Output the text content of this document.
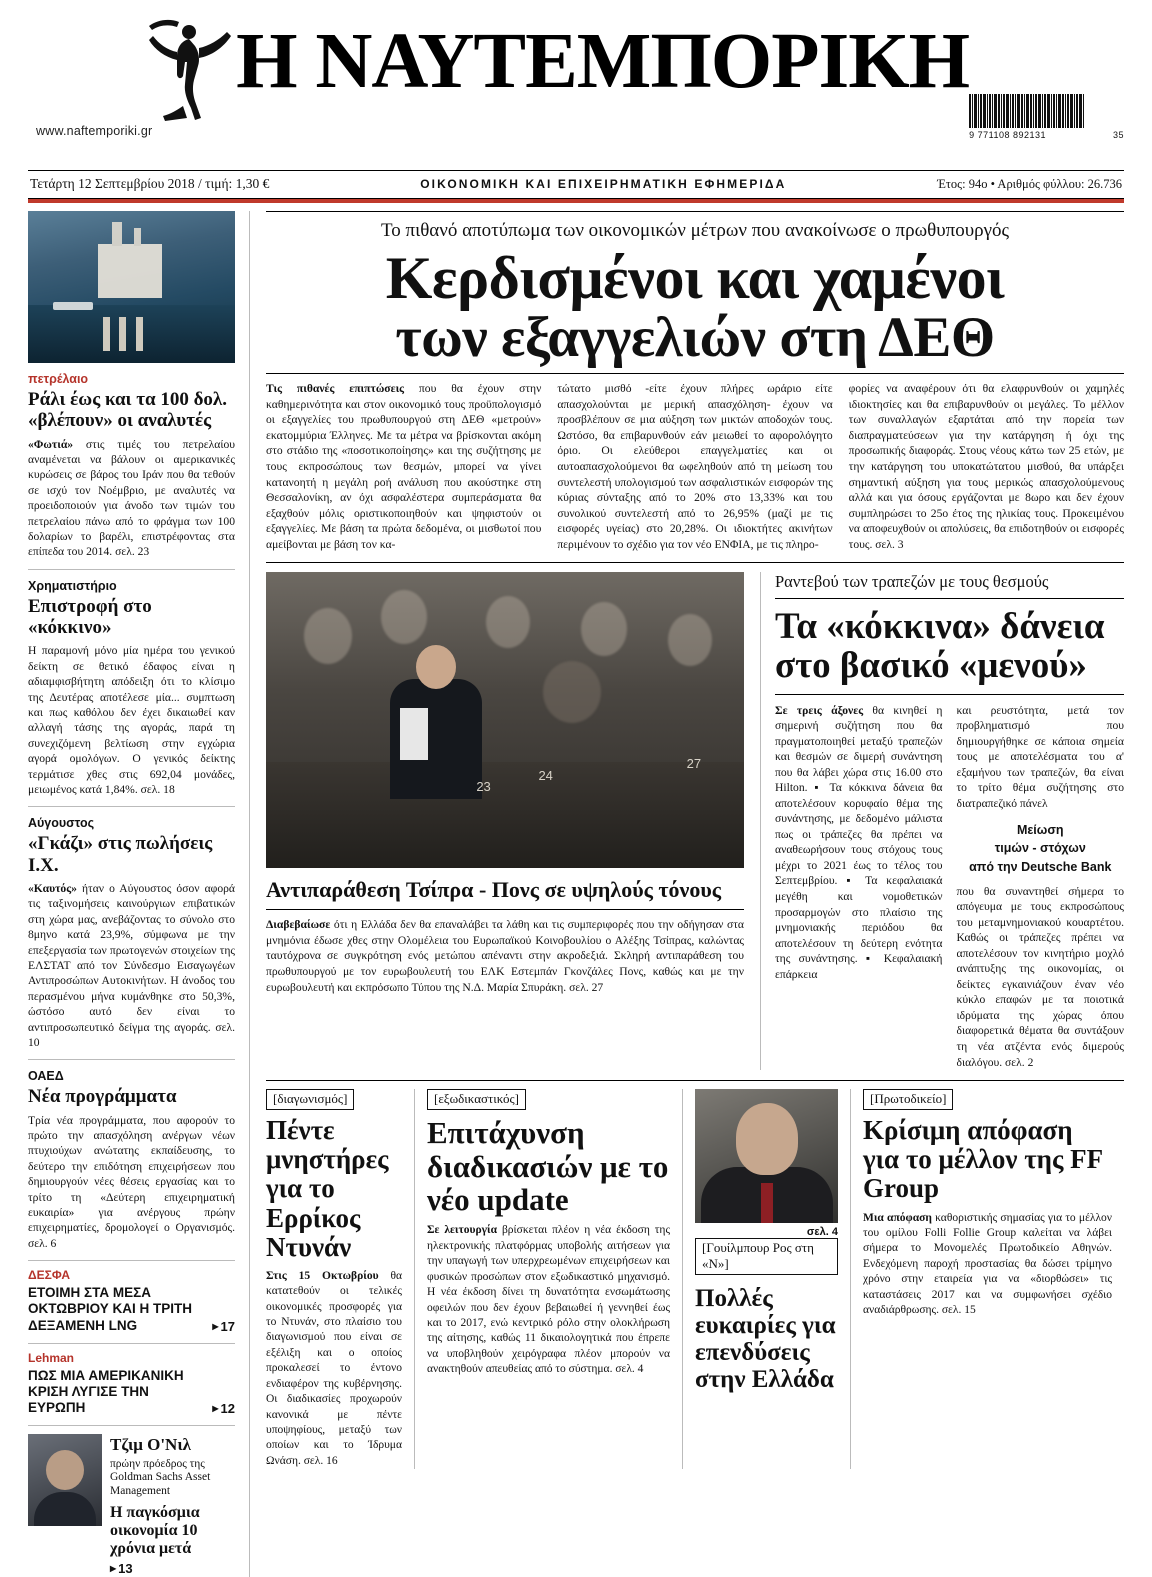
www.naftemporiki.gr
Η ΝΑΥΤΕΜΠΟΡΙΚΗ
9 771108 892131	35
Τετάρτη 12 Σεπτεμβρίου 2018 / τιμή: 1,30 €	ΟΙΚΟΝΟΜΙΚΗ ΚΑΙ ΕΠΙΧΕΙΡΗΜΑΤΙΚΗ ΕΦΗΜΕΡΙΔΑ	Έτος: 94ο • Αριθμός φύλλου: 26.736
πετρέλαιο
Ράλι έως και τα 100 δολ. «βλέπουν» οι αναλυτές

«Φωτιά» στις τιμές του πετρελαίου αναμένεται να βάλουν οι αμερικανικές κυρώσεις σε βάρος του Ιράν που θα τεθούν σε ισχύ τον Νοέμβριο, με αναλυτές να προειδοποιούν για άνοδο των τιμών του πετρελαίου πάνω από το φράγμα των 100 δολαρίων το βαρέλι, επιστρέφοντας στα επίπεδα του 2014. σελ. 23

Χρηματιστήριο
Επιστροφή στο «κόκκινο»

Η παραμονή μόνο μία ημέρα του γενικού δείκτη σε θετικό έδαφος είναι η αδιαμφισβήτητη απόδειξη ότι το κλίσιμο της Δευτέρας αποτέλεσε μία... συμπτωση και πως καθόλου δεν έχει δικαιωθεί καν αλλαγή τάσης της αγοράς, παρά τη συνεχιζόμενη βελτίωση στην εγχώρια αγορά ομολόγων. Ο γενικός δείκτης τερμάτισε χθες στις 692,04 μονάδες, μειωμένος κατά 1,84%. σελ. 18

Αύγουστος
«Γκάζι» στις πωλήσεις Ι.Χ.

«Καυτός» ήταν ο Αύγουστος όσον αφορά τις ταξινομήσεις καινούργιων επιβατικών στη χώρα μας, ανεβάζοντας το σύνολο στο 8μηνο κατά 23,9%, σύμφωνα με την επεξεργασία των πρωτογενών στοιχείων της ΕΛΣΤΑΤ από τον Σύνδεσμο Εισαγωγέων Αντιπροσώπων Αυτοκινήτων. Η άνοδος του περασμένου μήνα κυμάνθηκε στο 50,3%, ώστόσο αυτό δεν είναι το αντιπροσωπευτικό δείγμα της αγοράς. σελ. 10

ΟΑΕΔ
Νέα προγράμματα

Τρία νέα προγράμματα, που αφορούν το πρώτο την απασχόληση ανέργων νέων πτυχιούχων ανώτατης εκπαίδευσης, το δεύτερο την επιδότηση επιχειρήσεων που δημιουργούν νέες θέσεις εργασίας και το τρίτο τη «Δεύτερη επιχειρηματική ευκαιρία» για ανέργους πρώην επιχειρηματίες, δρομολογεί ο Οργανισμός. σελ. 6

ΔΕΣΦΑ
ΕΤΟΙΜΗ ΣΤΑ ΜΕΣΑ ΟΚΤΩΒΡΙΟΥ ΚΑΙ Η ΤΡΙΤΗ ΔΕΞΑΜΕΝΗ LNG	▶ 17
Lehman
ΠΩΣ ΜΙΑ ΑΜΕΡΙΚΑΝΙΚΗ ΚΡΙΣΗ ΛΥΓΙΣΕ ΤΗΝ ΕΥΡΩΠΗ	▶ 12
Τζιμ Ο'Νιλ
πρώην πρόεδρος της Goldman Sachs Asset Management
Η παγκόσμια οικονομία 10 χρόνια μετά
▶ 13
Το πιθανό αποτύπωμα των οικονομικών μέτρων που ανακοίνωσε ο πρωθυπουργός
Κερδισμένοι και χαμένοι
των εξαγγελιών στη ΔΕΘ
Τις πιθανές επιπτώσεις που θα έχουν στην καθημερινότητα και στον οικονομικό τους προϋπολογισμό οι εξαγγελίες του πρωθυπουργού στη ΔΕΘ «μετρούν» εκατομμύρια Έλληνες. Με τα μέτρα να βρίσκονται ακόμη στο στάδιο της «ποσοτικοποίησης» και της συζήτησης με τους εκπροσώπους των θεσμών, μπορεί να γίνει κατανοητή η μεγάλη ροή ανάλυση που ακούστηκε στη Θεσσαλονίκη, αν όχι ασφαλέστερα συμπεράσματα θα εξαχθούν μόλις οριστικοποιηθούν και ψηφιστούν οι εξαγγελίες. Με βάση τα πρώτα δεδομένα, οι μισθωτοί που αμείβονται με βάση τον κα-
τώτατο μισθό -είτε έχουν πλήρες ωράριο είτε απασχολούνται με μερική απασχόληση- έχουν να προσβλέπουν σε μια αύξηση των μικτών αποδοχών τους. Ωστόσο, θα επιβαρυνθούν εάν μειωθεί το αφορολόγητο όριο. Οι ελεύθεροι επαγγελματίες και οι αυτοαπασχολούμενοι θα ωφεληθούν από τη μείωση του συντελεστή υπολογισμού των ασφαλιστικών εισφορών της κύριας σύνταξης από το 20% στο 13,33% και του συνολικού συντελεστή από το 26,95% (μαζί με τις εισφορές υγείας) στο 20,28%. Οι ιδιοκτήτες ακινήτων περιμένουν το σχέδιο για τον νέο ΕΝΦΙΑ, με τις πληρο-
φορίες να αναφέρουν ότι θα ελαφρυνθούν οι χαμηλές ιδιοκτησίες και θα επιβαρυνθούν οι μεγάλες. Το μέλλον των συναλλαγών εξαρτάται από την πορεία των διαπραγματεύσεων για την κατάργηση ή όχι της προσωπικής διαφοράς. Στους νέους κάτω των 25 ετών, με την κατάργηση του υποκατώτατου μισθού, θα υπάρξει σημαντική αύξηση για τους μερικώς απασχολούμενους αλλά και για όσους εργάζονται με 8ωρο και δεν έχουν συμπληρώσει το 25ο έτος της ηλικίας τους. Προκειμένου να αποφευχθούν οι απολύσεις, θα επιδοτηθούν οι εισφορές τους. σελ. 3
23
24
27
Αντιπαράθεση Τσίπρα - Πονς σε υψηλούς τόνους
Διαβεβαίωσε ότι η Ελλάδα δεν θα επαναλάβει τα λάθη και τις συμπεριφορές που την οδήγησαν στα μνημόνια έδωσε χθες στην Ολομέλεια του Ευρωπαϊκού Κοινοβουλίου ο Αλέξης Τσίπρας, καλώντας ταυτόχρονα σε συγκρότηση ενός μετώπου απέναντι στην ακροδεξιά. Σκληρή αντιπαράθεση του πρωθυπουργού με τον ευρωβουλευτή του ΕΛΚ Εστεμπάν Γκονζάλες Πονς, καθώς και με την ευρωβουλευτή και εκπρόσωπο Τύπου της Ν.Δ. Μαρία Σπυράκη. σελ. 27
Ραντεβού των τραπεζών με τους θεσμούς
Τα «κόκκινα» δάνεια
στο βασικό «μενού»
Σε τρεις άξονες θα κινηθεί η σημερινή συζήτηση που θα πραγματοποιηθεί μεταξύ τραπεζών και θεσμών σε διμερή συνάντηση που θα λάβει χώρα στις 16.00 στο Hilton. ▪ Τα κόκκινα δάνεια θα αποτελέσουν κορυφαίο θέμα της συνάντησης, με δεδομένο μάλιστα πως οι τράπεζες θα πρέπει να αναθεωρήσουν τους στόχους τους μέχρι το 2021 έως το τέλος του Σεπτεμβρίου. ▪ Τα κεφαλαιακά μεγέθη και νομοθετικών προσαρμογών στο πλαίσιο της μνημονιακής περιόδου θα αποτελέσουν τη δεύτερη ενότητα της συνάντησης. ▪ Κεφαλαιακή επάρκεια
και ρευστότητα, μετά τον προβληματισμό που δημιουργήθηκε σε κάποια σημεία τους με αποτελέσματα του α' εξαμήνου των τραπεζών, θα είναι το τρίτο θέμα συζήτησης στο διατραπεζικό πάνελ
Μείωση
τιμών - στόχων
από την Deutsche Bank
που θα συναντηθεί σήμερα το απόγευμα με τους εκπροσώπους του μεταμνημονιακού κουαρτέτου. Καθώς οι τράπεζες πρέπει να αποτελέσουν τον κινητήριο μοχλό ανάπτυξης της οικονομίας, οι δείκτες εγκαινιάζουν έναν νέο κύκλο επαφών με τα ποιοτικά ιδρύματα της χώρας όπου διαφορετικά θέματα θα συντάξουν τη νέα ατζέντα ενός διμερούς διαλόγου. σελ. 2
[διαγωνισμός]
Πέντε μνηστήρες για το Ερρίκος Ντυνάν
Στις 15 Οκτωβρίου θα κατατεθούν οι τελικές οικονομικές προσφορές για το Ντυνάν, στο πλαίσιο του διαγωνισμού που είναι σε εξέλιξη και ο οποίος προκαλεσεί το έντονο ενδιαφέρον της κυβέρνησης. Οι διαδικασίες προχωρούν κανονικά με πέντε υποψηφίους, μεταξύ των οποίων και το Ίδρυμα Ωνάση. σελ. 16
[εξωδικαστικός]
Επιτάχυνση διαδικασιών με το νέο update
Σε λειτουργία βρίσκεται πλέον η νέα έκδοση της ηλεκτρονικής πλατφόρμας υποβολής αιτήσεων για την υπαγωγή των υπερχρεωμένων επιχειρήσεων και φυσικών προσώπων στον εξωδικαστικό μηχανισμό. Η νέα έκδοση δίνει τη δυνατότητα ενσωμάτωσης οφειλών που δεν έχουν βεβαιωθεί ή γεννηθεί έως και το 2017, ενώ κεντρικό ρόλο στην ολοκλήρωση της αίτησης, καθώς 11 δικαιολογητικά που έπρεπε να υποβληθούν χειρόγραφα πλέον μπορούν να ανακτηθούν απευθείας από το σύστημα. σελ. 4
σελ. 4
[Γουίλμπουρ Ρος στη «Ν»]
Πολλές ευκαιρίες για επενδύσεις στην Ελλάδα
[Πρωτοδικείο]
Κρίσιμη απόφαση για το μέλλον της FF Group
Μια απόφαση καθοριστικής σημασίας για το μέλλον του ομίλου Folli Follie Group καλείται να λάβει σήμερα το Μονομελές Πρωτοδικείο Αθηνών. Ενδεχόμενη παροχή προστασίας θα δώσει τρίμηνο χρόνο στην εταιρεία για να «διορθώσει» τις καταστάσεις 2017 και να συμφωνήσει σχέδιο αναδιάρθρωσης. σελ. 15
